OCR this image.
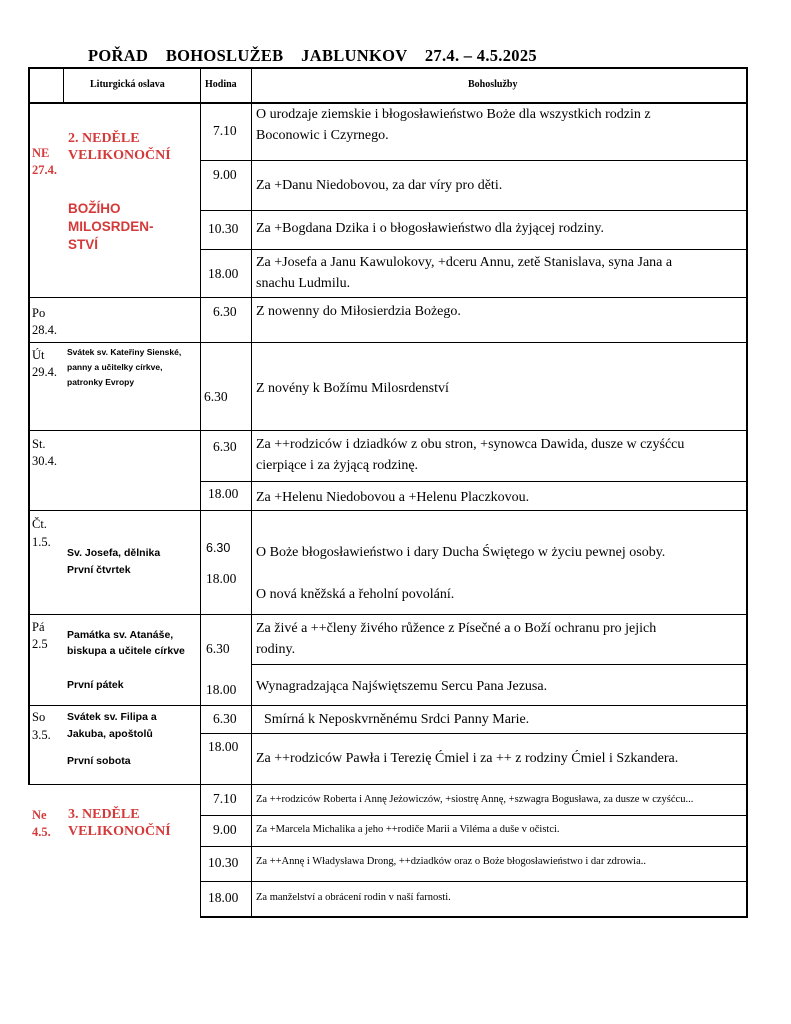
POŘAD    BOHOSLUŽEB    JABLUNKOV    27.4. – 4.5.2025
Liturgická oslava	Hodina	Bohoslužby
NE
27.4.
2. NEDĚLE
VELIKONOČNÍ
BOŽÍHO
MILOSRDEN-
STVÍ
7.10
O urodzaje ziemskie i błogosławieństwo Boże dla wszystkich rodzin z
Boconowic i Czyrnego.
9.00
Za +Danu Niedobovou, za dar víry pro děti.
10.30 Za +Bogdana Dzika i o błogosławieństwo dla żyjącej rodziny.
18.00
Za +Josefa a Janu Kawulokovy, +dceru Annu, zetě Stanislava, syna Jana a
snachu Ludmilu.
Po
28.4.
6.30 Z nowenny do Miłosierdzia Bożego.
Út
29.4.
Svátek sv. Kateřiny Sienské,
panny a učitelky církve,
patronky Evropy
6.30
Z novény k Božímu Milosrdenství
St.
30.4.
6.30 Za ++rodziców i dziadków z obu stron, +synowca Dawida, dusze w czyśćcu
cierpiące i za żyjącą rodzinę.
18.00 Za +Helenu Niedobovou a +Helenu Placzkovou.
Čt.
1.5.
Sv. Josefa, dělnika
První čtvrtek
6.30 O Boże błogosławieństwo i dary Ducha Świętego w życiu pewnej osoby.
18.00
O nová kněžská a řeholní povolání.
Pá
2.5
Památka sv. Atanáše,
biskupa a učitele církve
První pátek
6.30
Za živé a ++členy živého růžence z Písečné a o Boží ochranu pro jejich
rodiny.
18.00 Wynagradzająca Najświętszemu Sercu Pana Jezusa.
So
3.5.
Svátek sv. Filipa a
Jakuba, apoštolů
První sobota
6.30 Smírná k Neposkvrněnému Srdci Panny Marie.
18.00
Za ++rodziców Pawła i Terezię Ćmiel i za ++ z rodziny Ćmiel i Szkandera.
Ne
4.5.
3. NEDĚLE
VELIKONOČNÍ
7.10 Za ++rodziców Roberta i Annę Jeżowiczów, +siostrę Annę, +szwagra Bogusława, za dusze w czyśćcu...
9.00 Za +Marcela Michalika a jeho ++rodiče Marii a Viléma a duše v očistci.
10.30 Za ++Annę i Władysława Drong, ++dziadków oraz o Boże błogosławieństwo i dar zdrowia..
18.00 Za manželství a obrácení rodin v naší farnosti.
